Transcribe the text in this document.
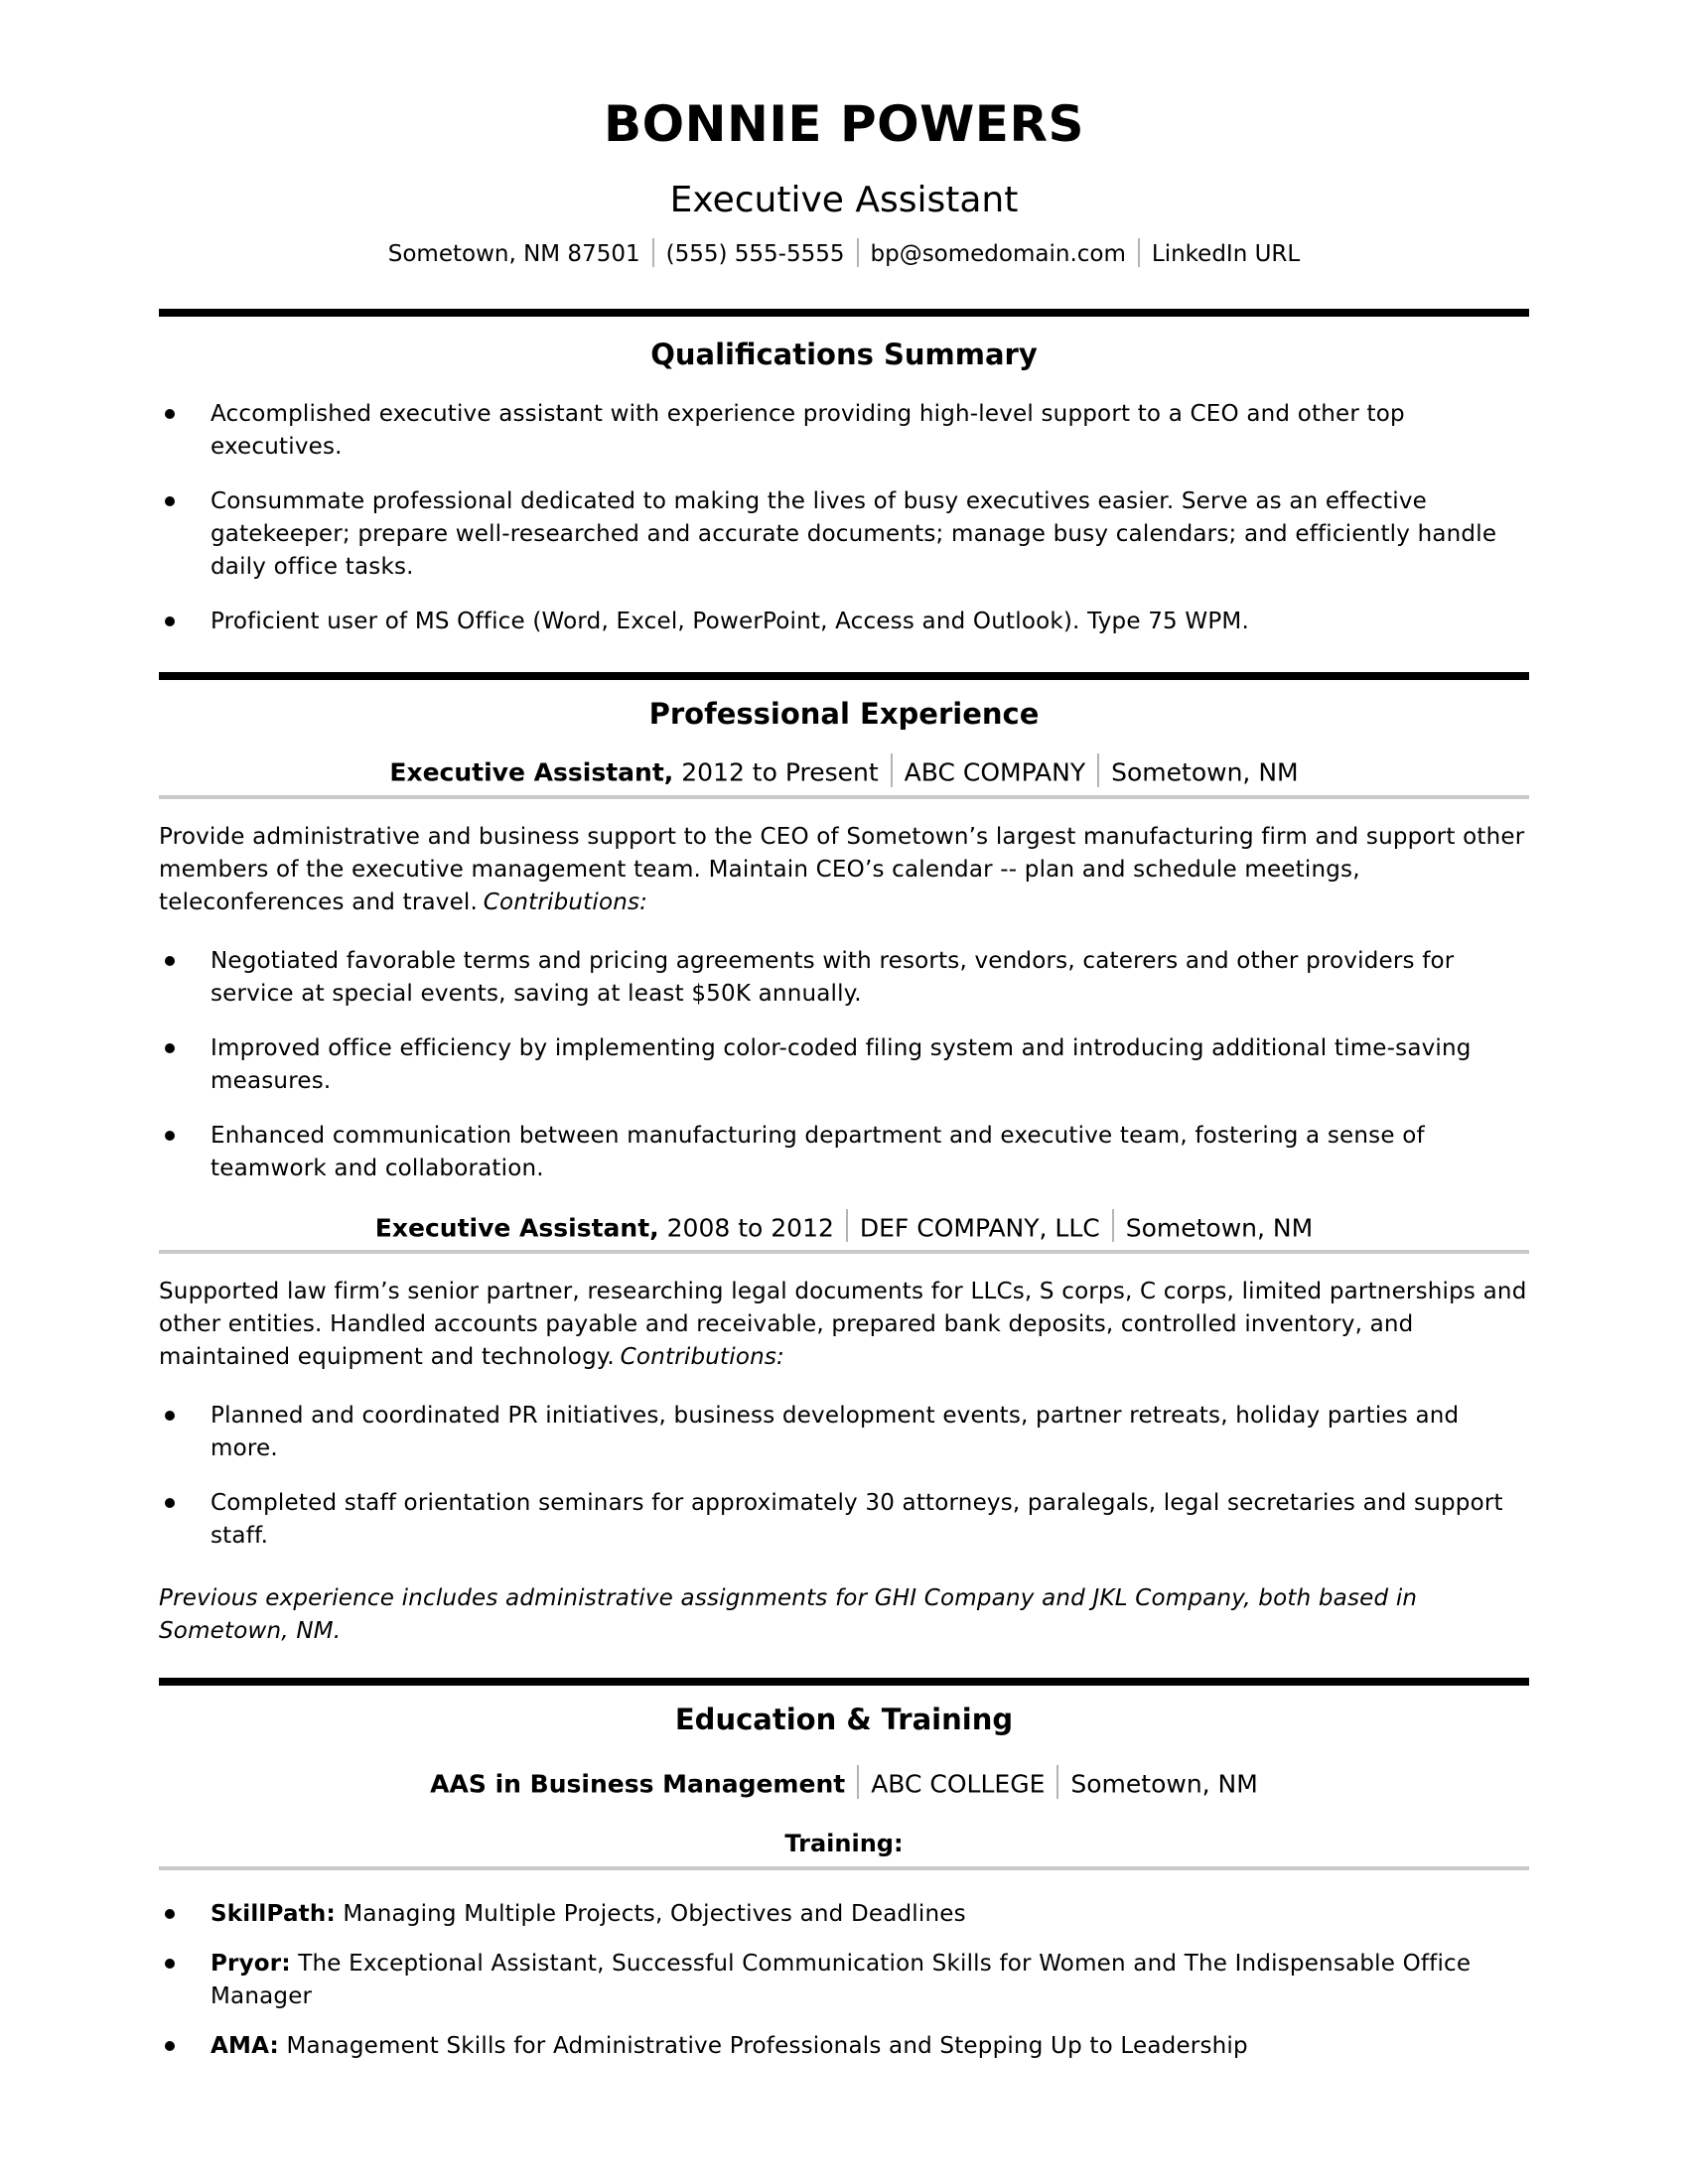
BONNIE POWERS
Executive Assistant
Sometown, NM 87501 (555) 555-5555 bp@somedomain.com LinkedIn URL
Qualifications Summary
Accomplished executive assistant with experience providing high-level support to a CEO and other top executives.
Consummate professional dedicated to making the lives of busy executives easier. Serve as an effective gatekeeper; prepare well-researched and accurate documents; manage busy calendars; and efficiently handle daily office tasks.
Proficient user of MS Office (Word, Excel, PowerPoint, Access and Outlook). Type 75 WPM.
Professional Experience
Executive Assistant, 2012 to Present ABC COMPANY Sometown, NM

Provide administrative and business support to the CEO of Sometown’s largest manufacturing firm and support other members of the executive management team. Maintain CEO’s calendar -- plan and schedule meetings, teleconferences and travel. Contributions:

Negotiated favorable terms and pricing agreements with resorts, vendors, caterers and other providers for service at special events, saving at least $50K annually.
Improved office efficiency by implementing color-coded filing system and introducing additional time-saving measures.
Enhanced communication between manufacturing department and executive team, fostering a sense of teamwork and collaboration.
Executive Assistant, 2008 to 2012 DEF COMPANY, LLC Sometown, NM

Supported law firm’s senior partner, researching legal documents for LLCs, S corps, C corps, limited partnerships and other entities. Handled accounts payable and receivable, prepared bank deposits, controlled inventory, and maintained equipment and technology. Contributions:

Planned and coordinated PR initiatives, business development events, partner retreats, holiday parties and more.
Completed staff orientation seminars for approximately 30 attorneys, paralegals, legal secretaries and support staff.

Previous experience includes administrative assignments for GHI Company and JKL Company, both based in Sometown, NM.

Education & Training
AAS in Business Management ABC COLLEGE Sometown, NM
Training:
SkillPath: Managing Multiple Projects, Objectives and Deadlines
Pryor: The Exceptional Assistant, Successful Communication Skills for Women and The Indispensable Office Manager
AMA: Management Skills for Administrative Professionals and Stepping Up to Leadership
